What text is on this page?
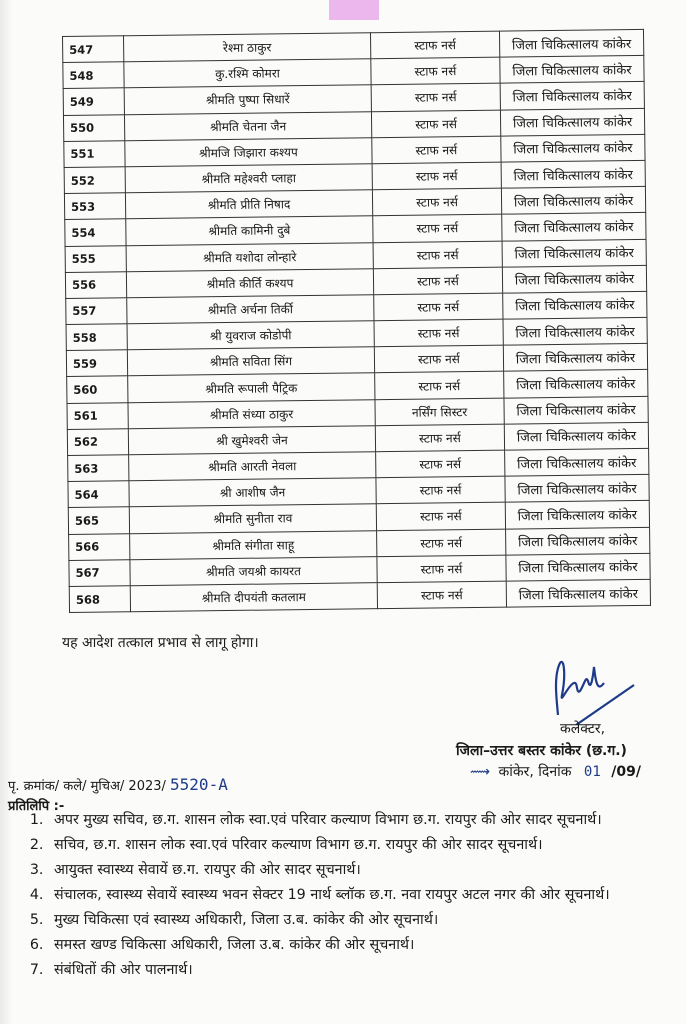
547	रेश्मा ठाकुर	स्टाफ नर्स	जिला चिकित्सालय कांकेर
548	कु.रश्मि कोमरा	स्टाफ नर्स	जिला चिकित्सालय कांकेर
549	श्रीमति पुष्पा सिधारें	स्टाफ नर्स	जिला चिकित्सालय कांकेर
550	श्रीमति चेतना जैन	स्टाफ नर्स	जिला चिकित्सालय कांकेर
551	श्रीमजि जिझारा कश्यप	स्टाफ नर्स	जिला चिकित्सालय कांकेर
552	श्रीमति महेश्वरी प्लाहा	स्टाफ नर्स	जिला चिकित्सालय कांकेर
553	श्रीमति प्रीति निषाद	स्टाफ नर्स	जिला चिकित्सालय कांकेर
554	श्रीमति कामिनी दुबे	स्टाफ नर्स	जिला चिकित्सालय कांकेर
555	श्रीमति यशोदा लोन्हारे	स्टाफ नर्स	जिला चिकित्सालय कांकेर
556	श्रीमति कीर्ति कश्यप	स्टाफ नर्स	जिला चिकित्सालय कांकेर
557	श्रीमति अर्चना तिर्की	स्टाफ नर्स	जिला चिकित्सालय कांकेर
558	श्री युवराज कोडोपी	स्टाफ नर्स	जिला चिकित्सालय कांकेर
559	श्रीमति सविता सिंग	स्टाफ नर्स	जिला चिकित्सालय कांकेर
560	श्रीमति रूपाली पैट्रिक	स्टाफ नर्स	जिला चिकित्सालय कांकेर
561	श्रीमति संध्या ठाकुर	नर्सिंग सिस्टर	जिला चिकित्सालय कांकेर
562	श्री खुमेश्वरी जेन	स्टाफ नर्स	जिला चिकित्सालय कांकेर
563	श्रीमति आरती नेवला	स्टाफ नर्स	जिला चिकित्सालय कांकेर
564	श्री आशीष जैन	स्टाफ नर्स	जिला चिकित्सालय कांकेर
565	श्रीमति सुनीता राव	स्टाफ नर्स	जिला चिकित्सालय कांकेर
566	श्रीमति संगीता साहू	स्टाफ नर्स	जिला चिकित्सालय कांकेर
567	श्रीमति जयश्री कायरत	स्टाफ नर्स	जिला चिकित्सालय कांकेर
568	श्रीमति दीपयंती कतलाम	स्टाफ नर्स	जिला चिकित्सालय कांकेर
यह आदेश तत्काल प्रभाव से लागू होगा।
कलेक्टर,
जिला–उत्तर बस्तर कांकेर (छ.ग.)
⟿ कांकेर, दिनांक 01 /09/
पृ. क्रमांक/ कले/ मुचिअ/ 2023/ 5520-A
प्रतिलिपि :-
1. अपर मुख्य सचिव, छ.ग. शासन लोक स्वा.एवं परिवार कल्याण विभाग छ.ग. रायपुर की ओर सादर सूचनार्थ।
2. सचिव, छ.ग. शासन लोक स्वा.एवं परिवार कल्याण विभाग छ.ग. रायपुर की ओर सादर सूचनार्थ।
3. आयुक्त स्वास्थ्य सेवायें छ.ग. रायपुर की ओर सादर सूचनार्थ।
4. संचालक, स्वास्थ्य सेवायें स्वास्थ्य भवन सेक्टर 19 नार्थ ब्लॉक छ.ग. नवा रायपुर अटल नगर की ओर सूचनार्थ।
5. मुख्य चिकित्सा एवं स्वास्थ्य अधिकारी, जिला उ.ब. कांकेर की ओर सूचनार्थ।
6. समस्त खण्ड चिकित्सा अधिकारी, जिला उ.ब. कांकेर की ओर सूचनार्थ।
7. संबंधितों की ओर पालनार्थ।
